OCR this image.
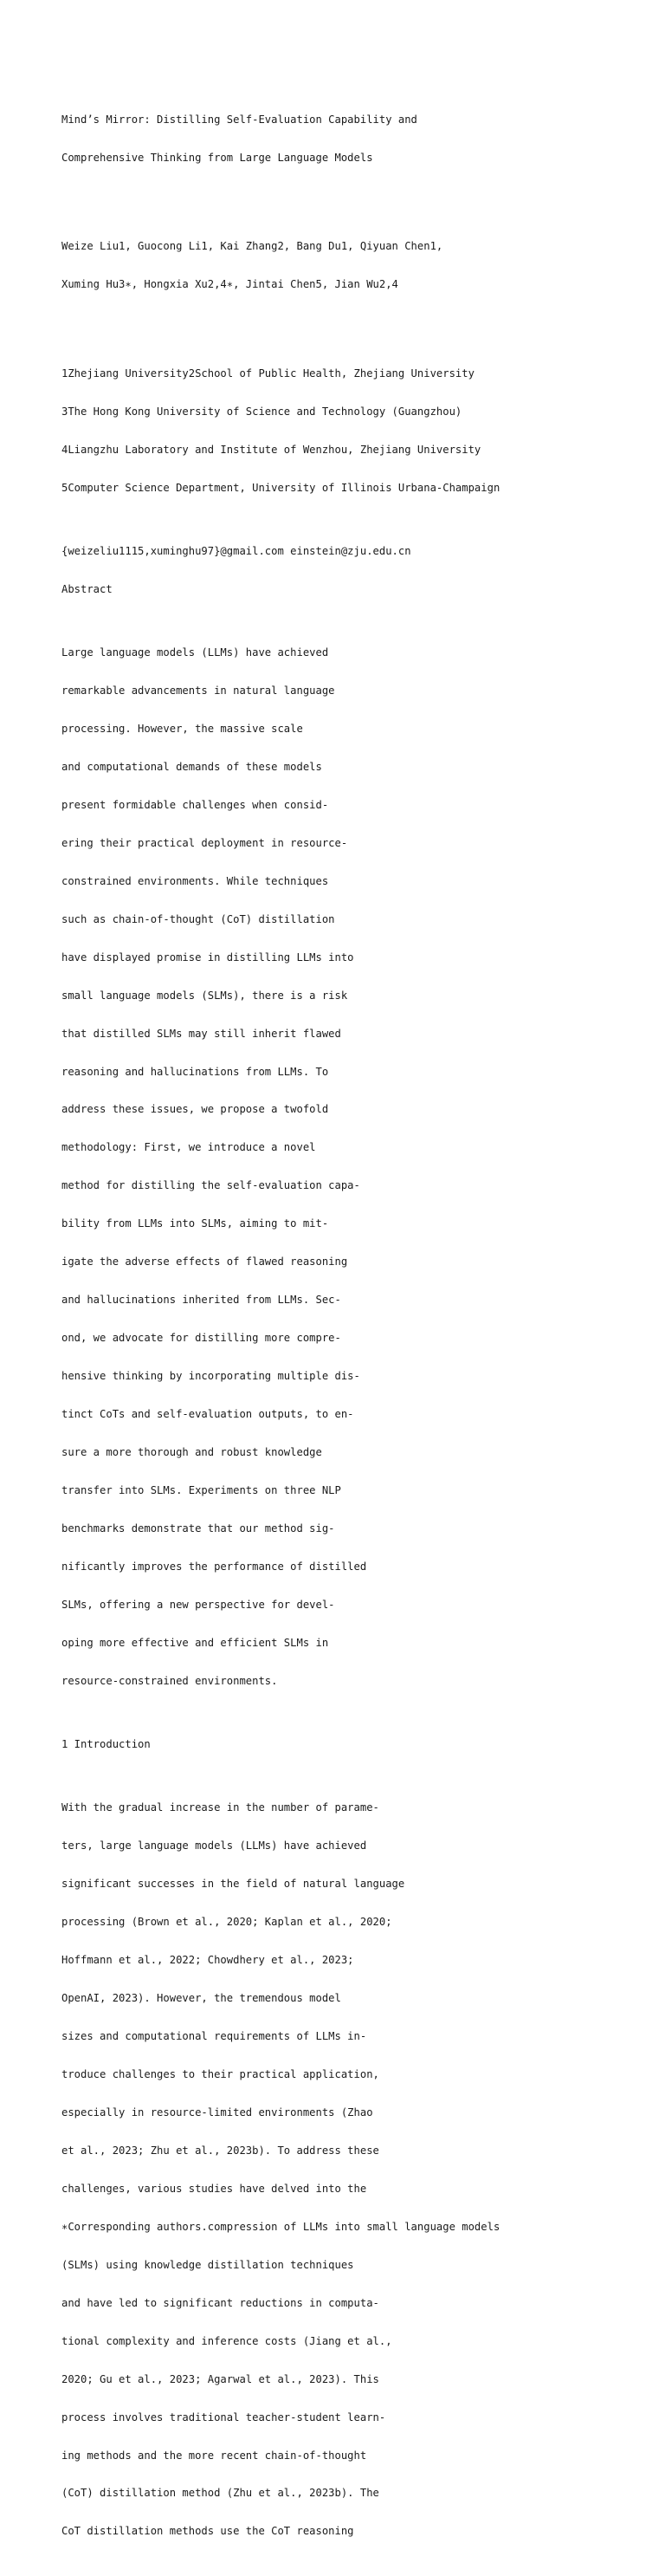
Mind’s Mirror: Distilling Self-Evaluation Capability and

Comprehensive Thinking from Large Language Models

Weize Liu1, Guocong Li1, Kai Zhang2, Bang Du1, Qiyuan Chen1,

Xuming Hu3∗, Hongxia Xu2,4∗, Jintai Chen5, Jian Wu2,4

1Zhejiang University2School of Public Health, Zhejiang University

3The Hong Kong University of Science and Technology (Guangzhou)

4Liangzhu Laboratory and Institute of Wenzhou, Zhejiang University

5Computer Science Department, University of Illinois Urbana-Champaign

{weizeliu1115,xuminghu97}@gmail.com einstein@zju.edu.cn

Abstract

Large language models (LLMs) have achieved

remarkable advancements in natural language

processing. However, the massive scale

and computational demands of these models

present formidable challenges when consid-

ering their practical deployment in resource-

constrained environments. While techniques

such as chain-of-thought (CoT) distillation

have displayed promise in distilling LLMs into

small language models (SLMs), there is a risk

that distilled SLMs may still inherit flawed

reasoning and hallucinations from LLMs. To

address these issues, we propose a twofold

methodology: First, we introduce a novel

method for distilling the self-evaluation capa-

bility from LLMs into SLMs, aiming to mit-

igate the adverse effects of flawed reasoning

and hallucinations inherited from LLMs. Sec-

ond, we advocate for distilling more compre-

hensive thinking by incorporating multiple dis-

tinct CoTs and self-evaluation outputs, to en-

sure a more thorough and robust knowledge

transfer into SLMs. Experiments on three NLP

benchmarks demonstrate that our method sig-

nificantly improves the performance of distilled

SLMs, offering a new perspective for devel-

oping more effective and efficient SLMs in

resource-constrained environments.

1 Introduction

With the gradual increase in the number of parame-

ters, large language models (LLMs) have achieved

significant successes in the field of natural language

processing (Brown et al., 2020; Kaplan et al., 2020;

Hoffmann et al., 2022; Chowdhery et al., 2023;

OpenAI, 2023). However, the tremendous model

sizes and computational requirements of LLMs in-

troduce challenges to their practical application,

especially in resource-limited environments (Zhao

et al., 2023; Zhu et al., 2023b). To address these

challenges, various studies have delved into the

∗Corresponding authors.compression of LLMs into small language models

(SLMs) using knowledge distillation techniques

and have led to significant reductions in computa-

tional complexity and inference costs (Jiang et al.,

2020; Gu et al., 2023; Agarwal et al., 2023). This

process involves traditional teacher-student learn-

ing methods and the more recent chain-of-thought

(CoT) distillation method (Zhu et al., 2023b). The

CoT distillation methods use the CoT reasoning
